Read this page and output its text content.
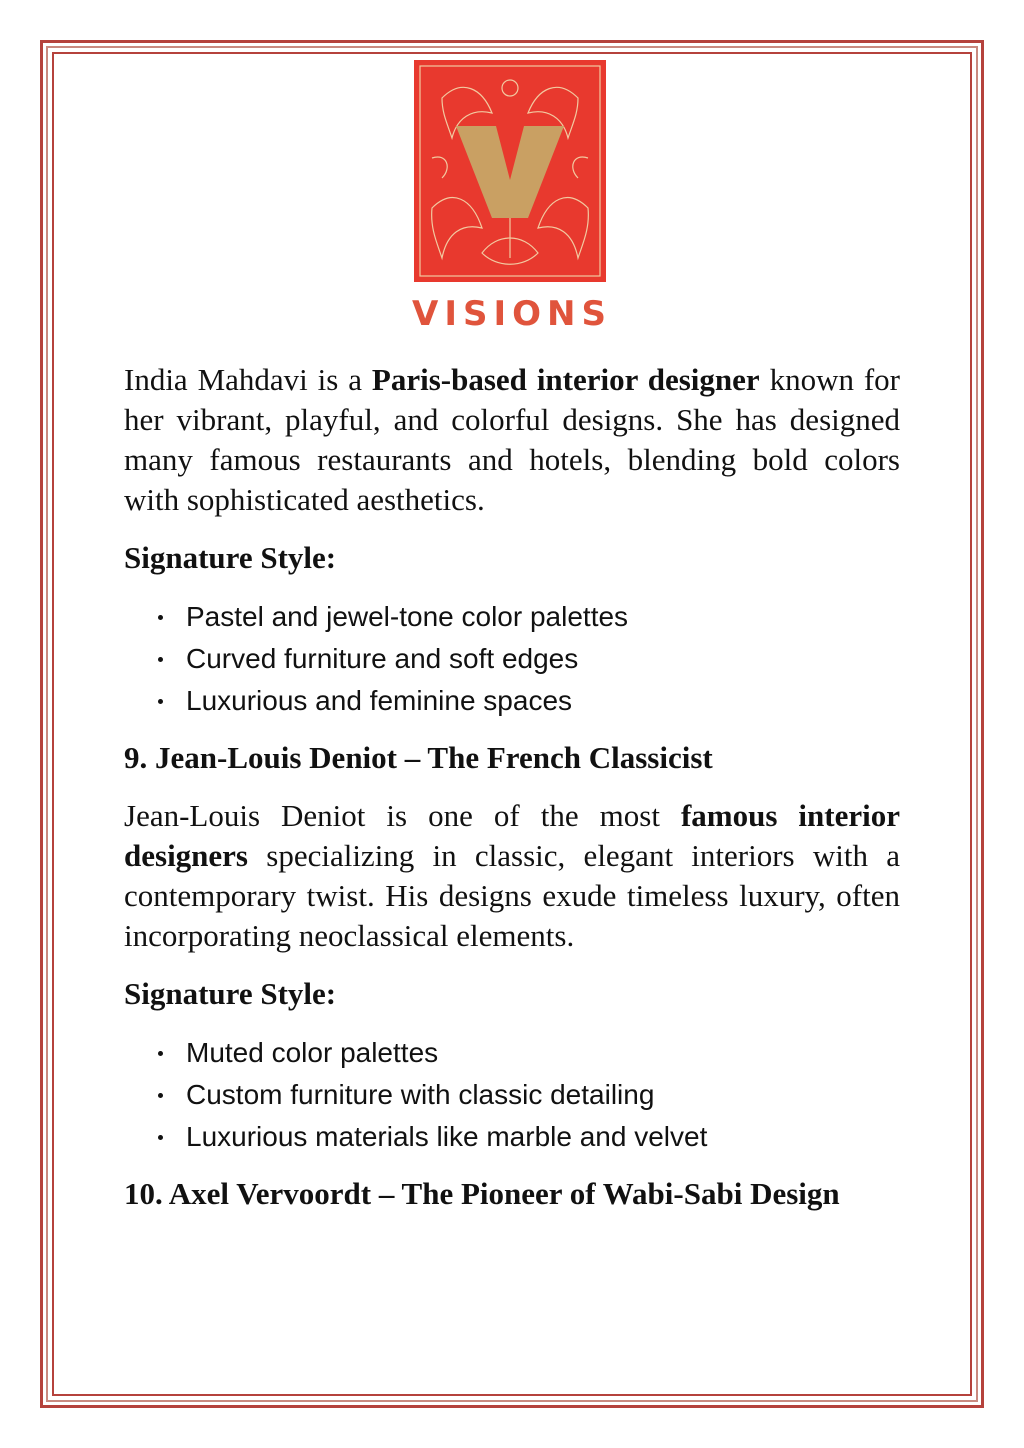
VISIONS

India Mahdavi is a Paris-based interior designer known for her vibrant, playful, and colorful designs. She has designed many famous restaurants and hotels, blending bold colors with sophisticated aesthetics.

Signature Style:
Pastel and jewel-tone color palettes
Curved furniture and soft edges
Luxurious and feminine spaces
9. Jean-Louis Deniot – The French Classicist

Jean-Louis Deniot is one of the most famous interior designers specializing in classic, elegant interiors with a contemporary twist. His designs exude timeless luxury, often incorporating neoclassical elements.

Signature Style:
Muted color palettes
Custom furniture with classic detailing
Luxurious materials like marble and velvet
10. Axel Vervoordt – The Pioneer of Wabi-Sabi Design
